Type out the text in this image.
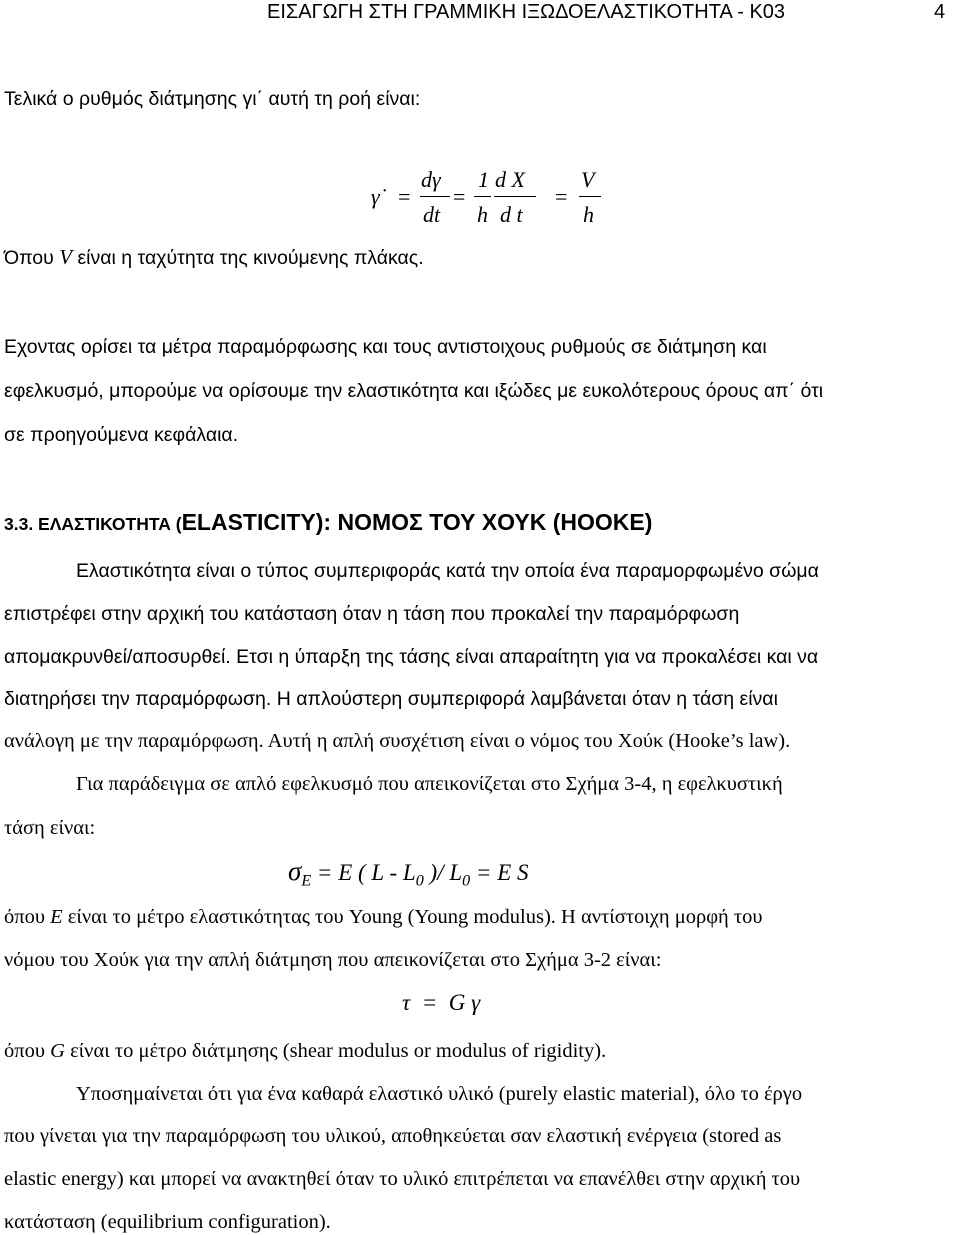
ΕΙΣΑΓΩΓΗ ΣΤΗ ΓΡΑΜΜΙΚΗ ΙΞΩΔΟΕΛΑΣΤΙΚΟΤΗΤΑ - Κ03	4
Τελικά ο ρυθμός διάτμησης γι΄ αυτή τη ροή είναι:
γ̇ =
dγ
dt
=
1
h
d X
d t
=
V
h
Όπου V είναι η ταχύτητα της κινούμενης πλάκας.
Εχοντας ορίσει τα μέτρα παραμόρφωσης και τους αντιστοιχους ρυθμούς σε διάτμηση και
εφελκυσμό, μπορούμε να ορίσουμε την ελαστικότητα και ιξώδες με ευκολότερους όρους απ΄ ότι
σε προηγούμενα κεφάλαια.
3.3. ΕΛΑΣΤΙΚΟΤΗΤΑ (ELASTICITY): ΝΟΜΟΣ ΤΟΥ ΧΟΥΚ (HOOKE)
Ελαστικότητα είναι ο τύπος συμπεριφοράς κατά την οποία ένα παραμορφωμένο σώμα
επιστρέφει στην αρχική του κατάσταση όταν η τάση που προκαλεί την παραμόρφωση
απομακρυνθεί/αποσυρθεί. Ετσι η ύπαρξη της τάσης είναι απαραίτητη για να προκαλέσει και να
διατηρήσει την παραμόρφωση. Η απλούστερη συμπεριφορά λαμβάνεται όταν η τάση είναι
ανάλογη με την παραμόρφωση. Αυτή η απλή συσχέτιση είναι ο νόμος του Χούκ (Hooke’s law).
Για παράδειγμα σε απλό εφελκυσμό που απεικονίζεται στο Σχήμα 3-4, η εφελκυστική
τάση είναι:
$\sigma_E = E$ ( L - $L_0$ )/ $L_0 = E$ S
όπου E είναι το μέτρο ελαστικότητας του Young (Young modulus). Η αντίστοιχη μορφή του
νόμου του Χούκ για την απλή διάτμηση που απεικονίζεται στο Σχήμα 3-2 είναι:
τ  =  G γ
όπου G είναι το μέτρο διάτμησης (shear modulus or modulus of rigidity).
Υποσημαίνεται ότι για ένα καθαρά ελαστικό υλικό (purely elastic material), όλο το έργο
που γίνεται για την παραμόρφωση του υλικού, αποθηκεύεται σαν ελαστική ενέργεια (stored as
elastic energy) και μπορεί να ανακτηθεί όταν το υλικό επιτρέπεται να επανέλθει στην αρχική του
κατάσταση (equilibrium configuration).
